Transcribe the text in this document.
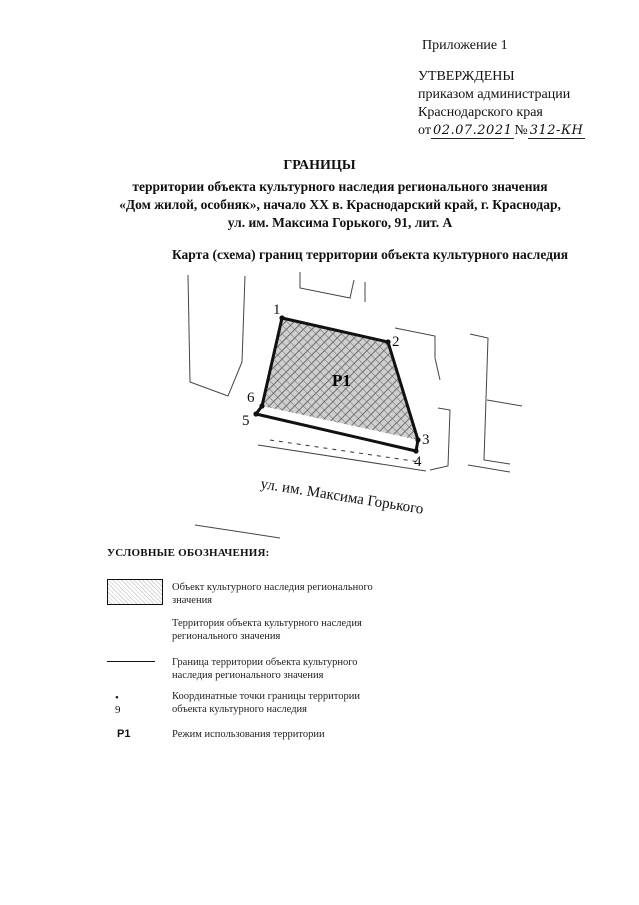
Приложение 1
УТВЕРЖДЕНЫ
приказом администрации
Краснодарского края
от 02.07.2021 № 312-КН
ГРАНИЦЫ
территории объекта культурного наследия регионального значения
«Дом жилой, особняк», начало XX в. Краснодарский край, г. Краснодар,
ул. им. Максима Горького, 91, лит. А
Карта (схема) границ территории объекта культурного наследия
1
2
3
4
5
6
P1
ул. им. Максима Горького
УСЛОВНЫЕ ОБОЗНАЧЕНИЯ:
Объект культурного наследия регионального значения
Территория объекта культурного наследия регионального значения
Граница территории объекта культурного наследия регионального значения
• 9
Координатные точки границы территории объекта культурного наследия
P1	Режим использования территории
